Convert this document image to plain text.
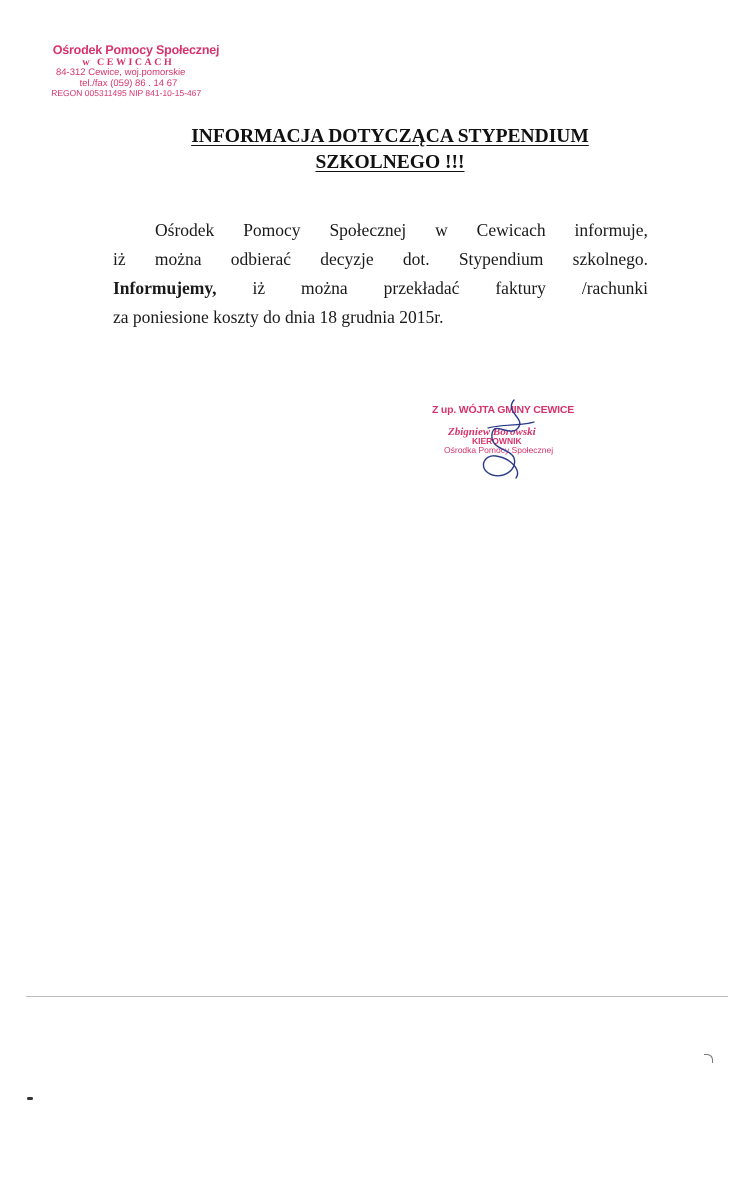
Ośrodek Pomocy Społecznej
w CEWICACH
84-312 Cewice, woj.pomorskie
tel./fax (059) 86 . 14 67
REGON 005311495 NIP 841-10-15-467
INFORMACJA DOTYCZĄCA STYPENDIUM
SZKOLNEGO !!!
Ośrodek Pomocy Społecznej w Cewicach informuje,
iż można odbierać decyzje dot. Stypendium szkolnego.
Informujemy, iż można przekładać faktury /rachunki
za poniesione koszty do dnia 18 grudnia 2015r.
Z up. WÓJTA GMINY CEWICE
Zbigniew Borowski
KIEROWNIK
Ośrodka Pomocy Społecznej
